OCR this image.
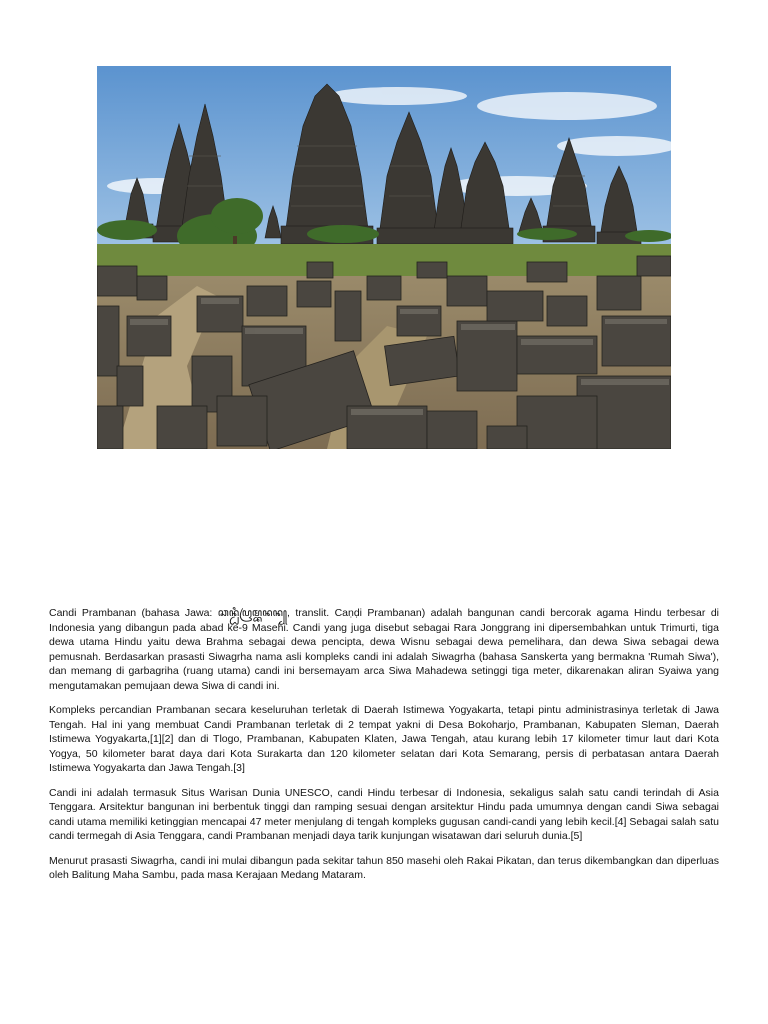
Candi Prambanan (bahasa Jawa: ꦕꦤ꧀ꦝꦶꦥꦿꦩ꧀ꦧꦤꦤ꧀, translit. Caṇḍi Prambanan) adalah bangunan candi bercorak agama Hindu terbesar di Indonesia yang dibangun pada abad ke-9 Masehi. Candi yang juga disebut sebagai Rara Jonggrang ini dipersembahkan untuk Trimurti, tiga dewa utama Hindu yaitu dewa Brahma sebagai dewa pencipta, dewa Wisnu sebagai dewa pemelihara, dan dewa Siwa sebagai dewa pemusnah. Berdasarkan prasasti Siwagrha nama asli kompleks candi ini adalah Siwagrha (bahasa Sanskerta yang bermakna 'Rumah Siwa'), dan memang di garbagriha (ruang utama) candi ini bersemayam arca Siwa Mahadewa setinggi tiga meter, dikarenakan aliran Syaiwa yang mengutamakan pemujaan dewa Siwa di candi ini.

Kompleks percandian Prambanan secara keseluruhan terletak di Daerah Istimewa Yogyakarta, tetapi pintu administrasinya terletak di Jawa Tengah. Hal ini yang membuat Candi Prambanan terletak di 2 tempat yakni di Desa Bokoharjo, Prambanan, Kabupaten Sleman, Daerah Istimewa Yogyakarta,[1][2] dan di Tlogo, Prambanan, Kabupaten Klaten, Jawa Tengah, atau kurang lebih 17 kilometer timur laut dari Kota Yogya, 50 kilometer barat daya dari Kota Surakarta dan 120 kilometer selatan dari Kota Semarang, persis di perbatasan antara Daerah Istimewa Yogyakarta dan Jawa Tengah.[3]

Candi ini adalah termasuk Situs Warisan Dunia UNESCO, candi Hindu terbesar di Indonesia, sekaligus salah satu candi terindah di Asia Tenggara. Arsitektur bangunan ini berbentuk tinggi dan ramping sesuai dengan arsitektur Hindu pada umumnya dengan candi Siwa sebagai candi utama memiliki ketinggian mencapai 47 meter menjulang di tengah kompleks gugusan candi-candi yang lebih kecil.[4] Sebagai salah satu candi termegah di Asia Tenggara, candi Prambanan menjadi daya tarik kunjungan wisatawan dari seluruh dunia.[5]

Menurut prasasti Siwagrha, candi ini mulai dibangun pada sekitar tahun 850 masehi oleh Rakai Pikatan, dan terus dikembangkan dan diperluas oleh Balitung Maha Sambu, pada masa Kerajaan Medang Mataram.
